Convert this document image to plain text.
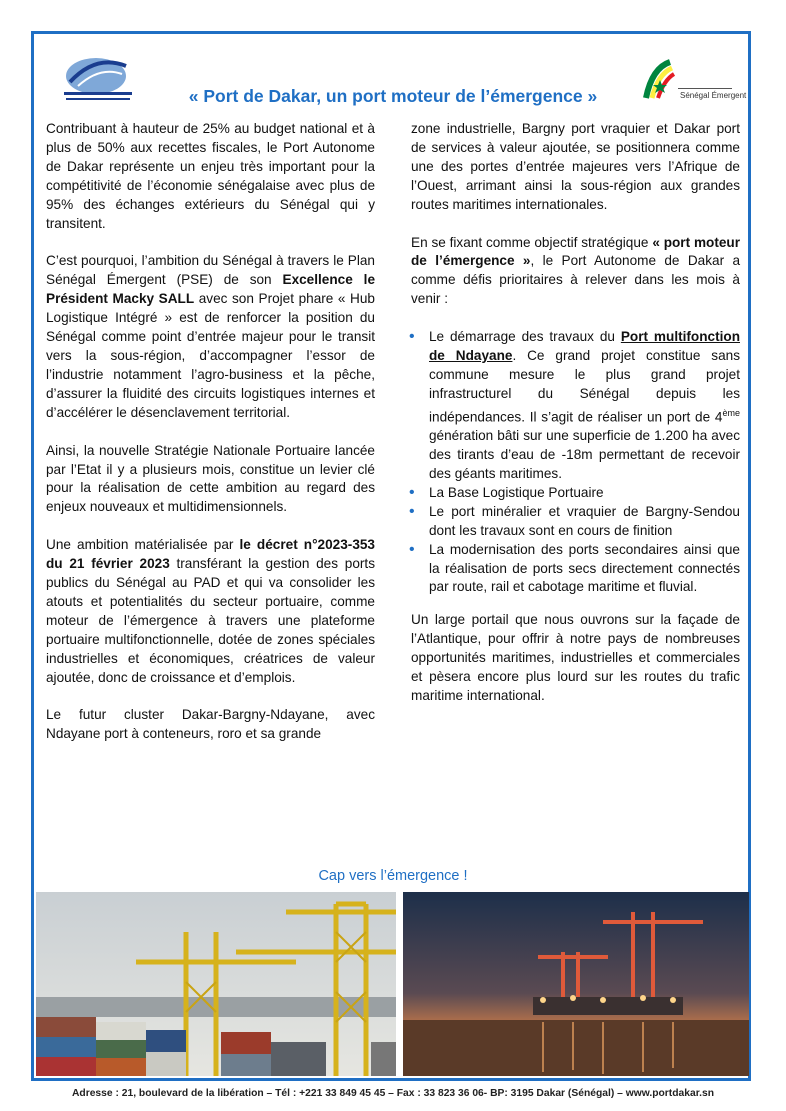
Sénégal Émergent
« Port de Dakar, un port moteur de l’émergence »

Contribuant à hauteur de 25% au budget national et à plus de 50% aux recettes fiscales, le Port Autonome de Dakar représente un enjeu très important pour la compétitivité de l’économie sénégalaise avec plus de 95% des échanges extérieurs du Sénégal qui y transitent.

C’est pourquoi, l’ambition du Sénégal à travers le Plan Sénégal Émergent (PSE) de son Excellence le Président Macky SALL avec son Projet phare « Hub Logistique Intégré » est de renforcer la position du Sénégal comme point d’entrée majeur pour le transit vers la sous-région, d’accompagner l’essor de l’industrie notamment l’agro-business et la pêche, d’assurer la fluidité des circuits logistiques internes et d’accélérer le désenclavement territorial.

Ainsi, la nouvelle Stratégie Nationale Portuaire lancée par l’Etat il y a plusieurs mois, constitue un levier clé pour la réalisation de cette ambition au regard des enjeux nouveaux et multidimensionnels.

Une ambition matérialisée par le décret n°2023-353 du 21 février 2023 transférant la gestion des ports publics du Sénégal au PAD et qui va consolider les atouts et potentialités du secteur portuaire, comme moteur de l’émergence à travers une plateforme portuaire multifonctionnelle, dotée de zones spéciales industrielles et économiques, créatrices de valeur ajoutée, donc de croissance et d’emplois.

Le futur cluster Dakar-Bargny-Ndayane, avec Ndayane port à conteneurs, roro et sa grande

zone industrielle, Bargny port vraquier et Dakar port de services à valeur ajoutée, se positionnera comme une des portes d’entrée majeures vers l’Afrique de l’Ouest, arrimant ainsi la sous-région aux grandes routes maritimes internationales.

En se fixant comme objectif stratégique « port moteur de l’émergence », le Port Autonome de Dakar a comme défis prioritaires à relever dans les mois à venir :

• Le démarrage des travaux du Port multifonction de Ndayane. Ce grand projet constitue sans commune mesure le plus grand projet infrastructurel du Sénégal depuis les indépendances. Il s’agit de réaliser un port de 4ème génération bâti sur une superficie de 1.200 ha avec des tirants d’eau de -18m permettant de recevoir des géants maritimes.
• La Base Logistique Portuaire
• Le port minéralier et vraquier de Bargny-Sendou dont les travaux sont en cours de finition
• La modernisation des ports secondaires ainsi que la réalisation de ports secs directement connectés par route, rail et cabotage maritime et fluvial.

Un large portail que nous ouvrons sur la façade de l’Atlantique, pour offrir à notre pays de nombreuses opportunités maritimes, industrielles et commerciales et pèsera encore plus lourd sur les routes du trafic maritime international.

Cap vers l’émergence !
Adresse : 21, boulevard de la libération – Tél : +221 33 849 45 45 – Fax : 33 823 36 06- BP: 3195 Dakar (Sénégal) – www.portdakar.sn
